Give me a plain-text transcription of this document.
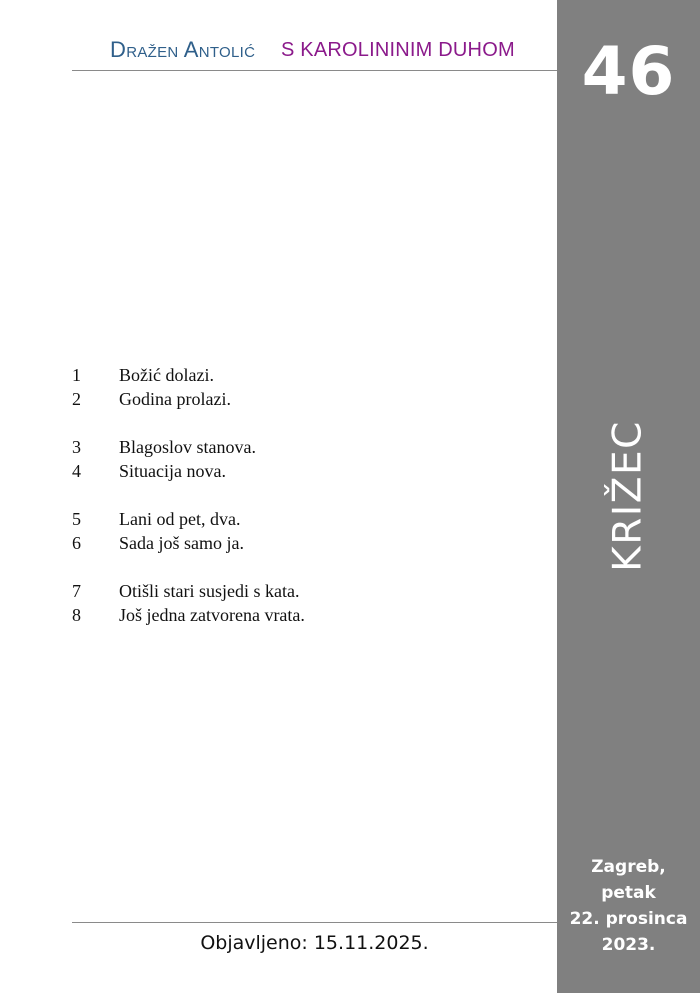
Dražen Antolić S KAROLININIM DUHOM	46
KRIŽEC
Zagreb,
petak
22. prosinca
2023.
1	Božić dolazi.
2	Godina prolazi.
3	Blagoslov stanova.
4	Situacija nova.
5	Lani od pet, dva.
6	Sada još samo ja.
7	Otišli stari susjedi s kata.
8	Još jedna zatvorena vrata.
Objavljeno: 15.11.2025.
